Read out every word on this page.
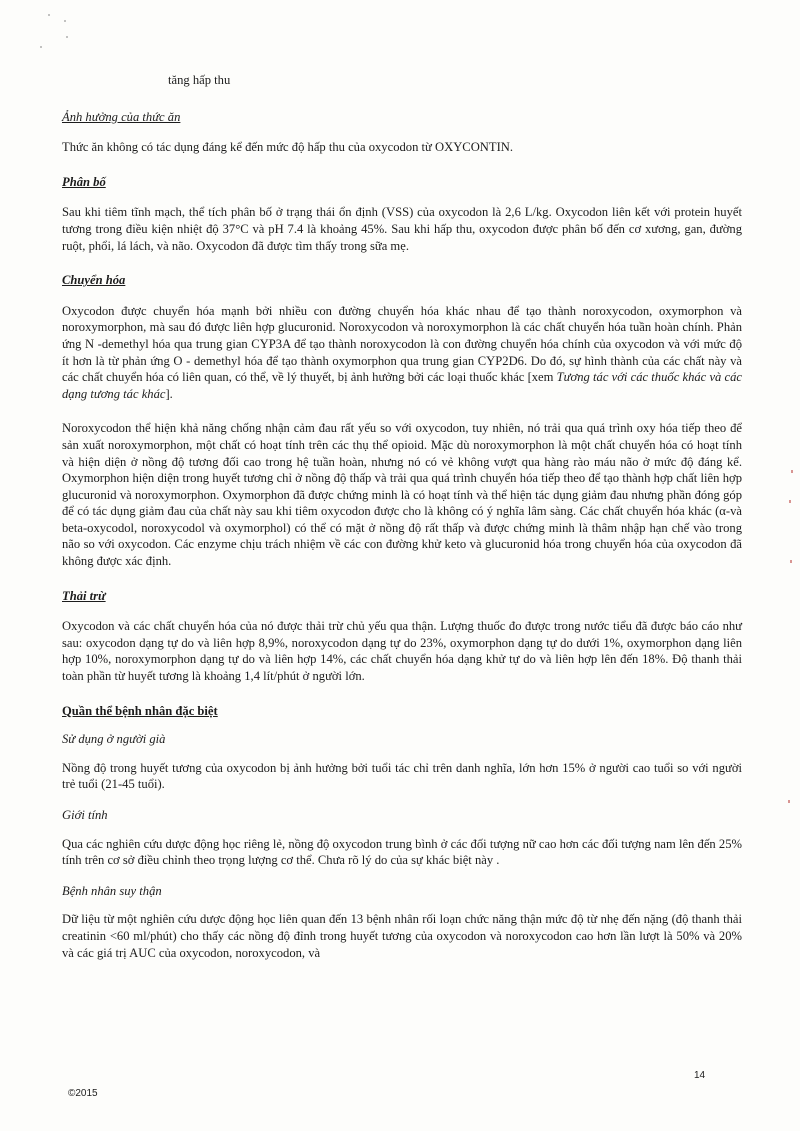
tăng hấp thu

Ảnh hưởng của thức ăn

Thức ăn không có tác dụng đáng kể đến mức độ hấp thu của oxycodon từ OXYCONTIN.

Phân bố

Sau khi tiêm tĩnh mạch, thể tích phân bố ở trạng thái ổn định (VSS) của oxycodon là 2,6 L/kg. Oxycodon liên kết với protein huyết tương trong điều kiện nhiệt độ 37°C và pH 7.4 là khoảng 45%. Sau khi hấp thu, oxycodon được phân bố đến cơ xương, gan, đường ruột, phổi, lá lách, và não. Oxycodon đã được tìm thấy trong sữa mẹ.

Chuyển hóa

Oxycodon được chuyển hóa mạnh bởi nhiều con đường chuyển hóa khác nhau để tạo thành noroxycodon, oxymorphon và noroxymorphon, mà sau đó được liên hợp glucuronid. Noroxycodon và noroxymorphon là các chất chuyển hóa tuần hoàn chính. Phản ứng N -demethyl hóa qua trung gian CYP3A để tạo thành noroxycodon là con đường chuyển hóa chính của oxycodon và với mức độ ít hơn là từ phản ứng O - demethyl hóa để tạo thành oxymorphon qua trung gian CYP2D6. Do đó, sự hình thành của các chất này và các chất chuyển hóa có liên quan, có thể, về lý thuyết, bị ảnh hưởng bởi các loại thuốc khác [xem Tương tác với các thuốc khác và các dạng tương tác khác].

Noroxycodon thể hiện khả năng chống nhận cảm đau rất yếu so với oxycodon, tuy nhiên, nó trải qua quá trình oxy hóa tiếp theo để sản xuất noroxymorphon, một chất có hoạt tính trên các thụ thể opioid. Mặc dù noroxymorphon là một chất chuyển hóa có hoạt tính và hiện diện ở nồng độ tương đối cao trong hệ tuần hoàn, nhưng nó có vẻ không vượt qua hàng rào máu não ở mức độ đáng kể. Oxymorphon hiện diện trong huyết tương chỉ ở nồng độ thấp và trải qua quá trình chuyển hóa tiếp theo để tạo thành hợp chất liên hợp glucuronid và noroxymorphon. Oxymorphon đã được chứng minh là có hoạt tính và thể hiện tác dụng giảm đau nhưng phần đóng góp để có tác dụng giảm đau của chất này sau khi tiêm oxycodon được cho là không có ý nghĩa lâm sàng. Các chất chuyển hóa khác (α-và beta-oxycodol, noroxycodol và oxymorphol) có thể có mặt ở nồng độ rất thấp và được chứng minh là thâm nhập hạn chế vào trong não so với oxycodon. Các enzyme chịu trách nhiệm về các con đường khử keto và glucuronid hóa trong chuyển hóa của oxycodon đã không được xác định.

Thải trừ

Oxycodon và các chất chuyển hóa của nó được thải trừ chủ yếu qua thận. Lượng thuốc đo được trong nước tiểu đã được báo cáo như sau: oxycodon dạng tự do và liên hợp 8,9%, noroxycodon dạng tự do 23%, oxymorphon dạng tự do dưới 1%, oxymorphon dạng liên hợp 10%, noroxymorphon dạng tự do và liên hợp 14%, các chất chuyển hóa dạng khử tự do và liên hợp lên đến 18%. Độ thanh thải toàn phần từ huyết tương là khoảng 1,4 lít/phút ở người lớn.

Quần thể bệnh nhân đặc biệt

Sử dụng ở người già

Nồng độ trong huyết tương của oxycodon bị ảnh hưởng bởi tuổi tác chỉ trên danh nghĩa, lớn hơn 15% ở người cao tuổi so với người trẻ tuổi (21-45 tuổi).

Giới tính

Qua các nghiên cứu dược động học riêng lẻ, nồng độ oxycodon trung bình ở các đối tượng nữ cao hơn các đối tượng nam lên đến 25% tính trên cơ sở điều chỉnh theo trọng lượng cơ thể. Chưa rõ lý do của sự khác biệt này .

Bệnh nhân suy thận

Dữ liệu từ một nghiên cứu dược động học liên quan đến 13 bệnh nhân rối loạn chức năng thận mức độ từ nhẹ đến nặng (độ thanh thải creatinin <60 ml/phút) cho thấy các nồng độ đỉnh trong huyết tương của oxycodon và noroxycodon cao hơn lần lượt là 50% và 20% và các giá trị AUC của oxycodon, noroxycodon, và

14
©2015
